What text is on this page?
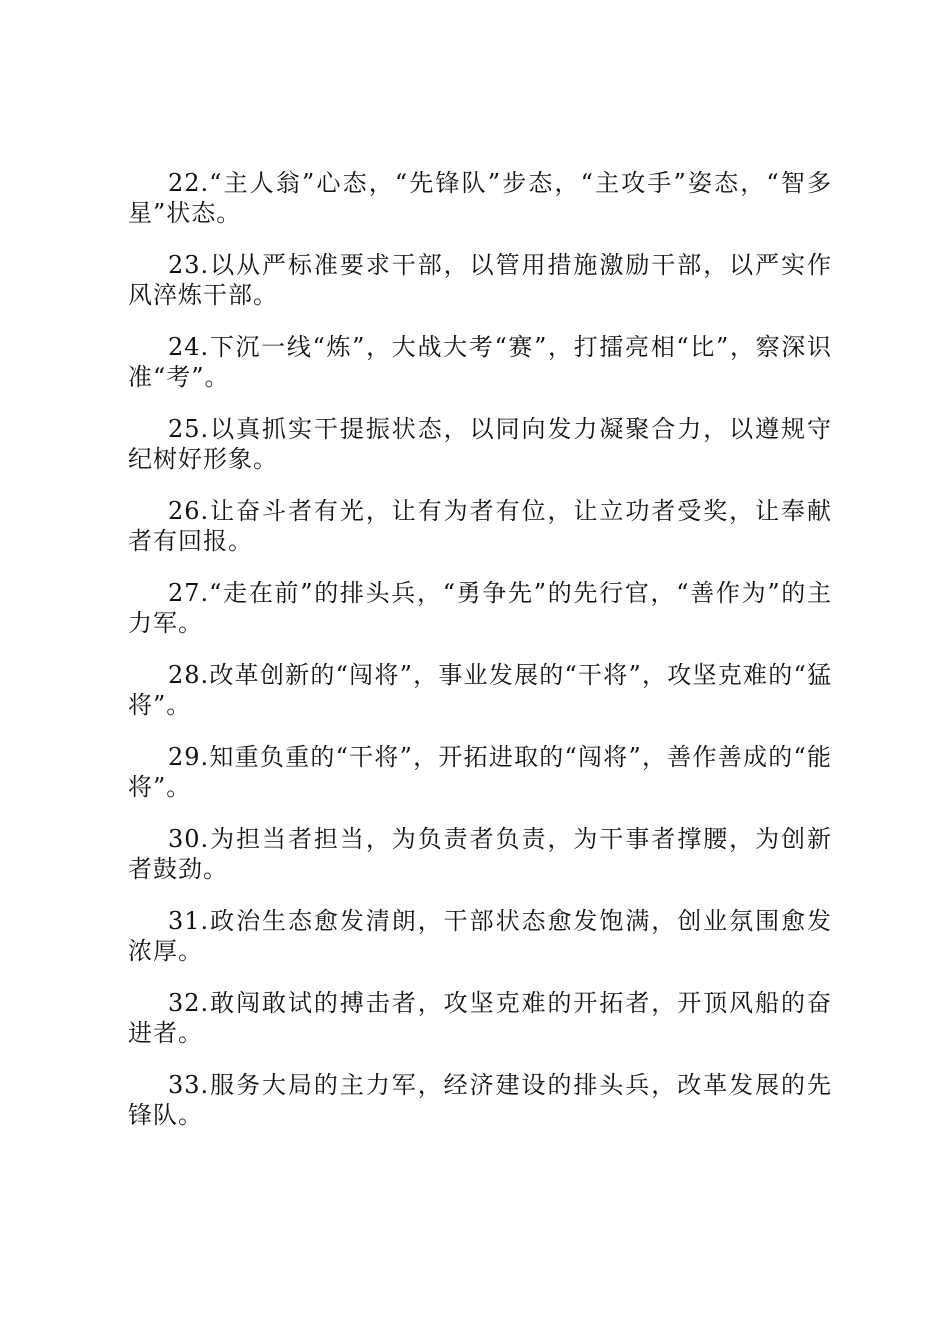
22.“主人翁”心态，“先锋队”步态，“主攻手”姿态，“智多星”状态。

23.以从严标准要求干部，以管用措施激励干部，以严实作风淬炼干部。

24.下沉一线“炼”，大战大考“赛”，打擂亮相“比”，察深识准“考”。

25.以真抓实干提振状态，以同向发力凝聚合力，以遵规守纪树好形象。

26.让奋斗者有光，让有为者有位，让立功者受奖，让奉献者有回报。

27.“走在前”的排头兵，“勇争先”的先行官，“善作为”的主力军。

28.改革创新的“闯将”，事业发展的“干将”，攻坚克难的“猛将”。

29.知重负重的“干将”，开拓进取的“闯将”，善作善成的“能将”。

30.为担当者担当，为负责者负责，为干事者撑腰，为创新者鼓劲。

31.政治生态愈发清朗，干部状态愈发饱满，创业氛围愈发浓厚。

32.敢闯敢试的搏击者，攻坚克难的开拓者，开顶风船的奋进者。

33.服务大局的主力军，经济建设的排头兵，改革发展的先锋队。
